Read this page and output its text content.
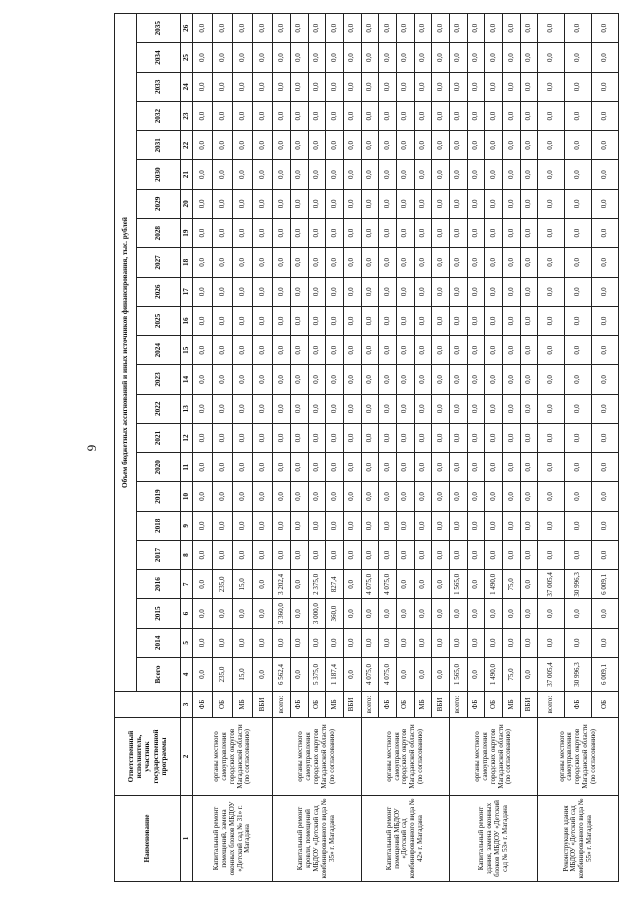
9
Наименование	Ответственный исполнитель, участник государственной программы		Объем бюджетных ассигнований и иных источников финансирования, тыс. рублей																						
			Всего	2014	2015	2016	2017	2018	2019	2020	2021	2022	2023	2024	2025	2026	2027	2028	2029	2030	2031	2032	2033	2034	2035
1	2	3	4	5	6	7	8	9	10	11	12	13	14	15	16	17	18	19	20	21	22	23	24	25	26
Капитальный ремонт помещений, замена оконных блоков МБДОУ «Детский сад № 31» г. Магадана	органы местного самоуправления городских округов Магаданской области (по согласованию)	ФБ	0,0	0,0	0,0	0,0	0,0	0,0	0,0	0,0	0,0	0,0	0,0	0,0	0,0	0,0	0,0	0,0	0,0	0,0	0,0	0,0	0,0	0,0	0,0
		ОБ	235,0	0,0	0,0	235,0	0,0	0,0	0,0	0,0	0,0	0,0	0,0	0,0	0,0	0,0	0,0	0,0	0,0	0,0	0,0	0,0	0,0	0,0	0,0
		МБ	15,0	0,0	0,0	15,0	0,0	0,0	0,0	0,0	0,0	0,0	0,0	0,0	0,0	0,0	0,0	0,0	0,0	0,0	0,0	0,0	0,0	0,0	0,0
		ВБИ	0,0	0,0	0,0	0,0	0,0	0,0	0,0	0,0	0,0	0,0	0,0	0,0	0,0	0,0	0,0	0,0	0,0	0,0	0,0	0,0	0,0	0,0	0,0
Капитальный ремонт кровли, помещений МБДОУ «Детский сад комбинированного вида № 35» г. Магадана	органы местного самоуправления городских округов Магаданской области (по согласованию)	всего:	6 562,4	0,0	3 360,0	3 202,4	0,0	0,0	0,0	0,0	0,0	0,0	0,0	0,0	0,0	0,0	0,0	0,0	0,0	0,0	0,0	0,0	0,0	0,0	0,0
		ФБ	0,0	0,0	0,0	0,0	0,0	0,0	0,0	0,0	0,0	0,0	0,0	0,0	0,0	0,0	0,0	0,0	0,0	0,0	0,0	0,0	0,0	0,0	0,0
		ОБ	5 375,0	0,0	3 000,0	2 375,0	0,0	0,0	0,0	0,0	0,0	0,0	0,0	0,0	0,0	0,0	0,0	0,0	0,0	0,0	0,0	0,0	0,0	0,0	0,0
		МБ	1 187,4	0,0	360,0	827,4	0,0	0,0	0,0	0,0	0,0	0,0	0,0	0,0	0,0	0,0	0,0	0,0	0,0	0,0	0,0	0,0	0,0	0,0	0,0
		ВБИ	0,0	0,0	0,0	0,0	0,0	0,0	0,0	0,0	0,0	0,0	0,0	0,0	0,0	0,0	0,0	0,0	0,0	0,0	0,0	0,0	0,0	0,0	0,0
Капитальный ремонт помещений МБДОУ «Детский сад комбинированного вида № 42» г. Магадана	органы местного самоуправления городских округов Магаданской области (по согласованию)	всего:	4 075,0	0,0	0,0	4 075,0	0,0	0,0	0,0	0,0	0,0	0,0	0,0	0,0	0,0	0,0	0,0	0,0	0,0	0,0	0,0	0,0	0,0	0,0	0,0
		ФБ	4 075,0	0,0	0,0	4 075,0	0,0	0,0	0,0	0,0	0,0	0,0	0,0	0,0	0,0	0,0	0,0	0,0	0,0	0,0	0,0	0,0	0,0	0,0	0,0
		ОБ	0,0	0,0	0,0	0,0	0,0	0,0	0,0	0,0	0,0	0,0	0,0	0,0	0,0	0,0	0,0	0,0	0,0	0,0	0,0	0,0	0,0	0,0	0,0
		МБ	0,0	0,0	0,0	0,0	0,0	0,0	0,0	0,0	0,0	0,0	0,0	0,0	0,0	0,0	0,0	0,0	0,0	0,0	0,0	0,0	0,0	0,0	0,0
		ВБИ	0,0	0,0	0,0	0,0	0,0	0,0	0,0	0,0	0,0	0,0	0,0	0,0	0,0	0,0	0,0	0,0	0,0	0,0	0,0	0,0	0,0	0,0	0,0
Капитальный ремонт здания, замена оконных блоков МБДОУ «Детский сад № 53» г. Магадана	органы местного самоуправления городских округов Магаданской области (по согласованию)	всего:	1 565,0	0,0	0,0	1 565,0	0,0	0,0	0,0	0,0	0,0	0,0	0,0	0,0	0,0	0,0	0,0	0,0	0,0	0,0	0,0	0,0	0,0	0,0	0,0
		ФБ	0,0	0,0	0,0	0,0	0,0	0,0	0,0	0,0	0,0	0,0	0,0	0,0	0,0	0,0	0,0	0,0	0,0	0,0	0,0	0,0	0,0	0,0	0,0
		ОБ	1 490,0	0,0	0,0	1 490,0	0,0	0,0	0,0	0,0	0,0	0,0	0,0	0,0	0,0	0,0	0,0	0,0	0,0	0,0	0,0	0,0	0,0	0,0	0,0
		МБ	75,0	0,0	0,0	75,0	0,0	0,0	0,0	0,0	0,0	0,0	0,0	0,0	0,0	0,0	0,0	0,0	0,0	0,0	0,0	0,0	0,0	0,0	0,0
		ВБИ	0,0	0,0	0,0	0,0	0,0	0,0	0,0	0,0	0,0	0,0	0,0	0,0	0,0	0,0	0,0	0,0	0,0	0,0	0,0	0,0	0,0	0,0	0,0
Реконструкция здания МБДОУ «Детский сад комбинированного вида № 55» г. Магадана	органы местного самоуправления городских округов Магаданской области (по согласованию)	всего:	37 005,4	0,0	0,0	37 005,4	0,0	0,0	0,0	0,0	0,0	0,0	0,0	0,0	0,0	0,0	0,0	0,0	0,0	0,0	0,0	0,0	0,0	0,0	0,0
		ФБ	30 996,3	0,0	0,0	30 996,3	0,0	0,0	0,0	0,0	0,0	0,0	0,0	0,0	0,0	0,0	0,0	0,0	0,0	0,0	0,0	0,0	0,0	0,0	0,0
		ОБ	6 009,1	0,0	0,0	6 009,1	0,0	0,0	0,0	0,0	0,0	0,0	0,0	0,0	0,0	0,0	0,0	0,0	0,0	0,0	0,0	0,0	0,0	0,0	0,0
